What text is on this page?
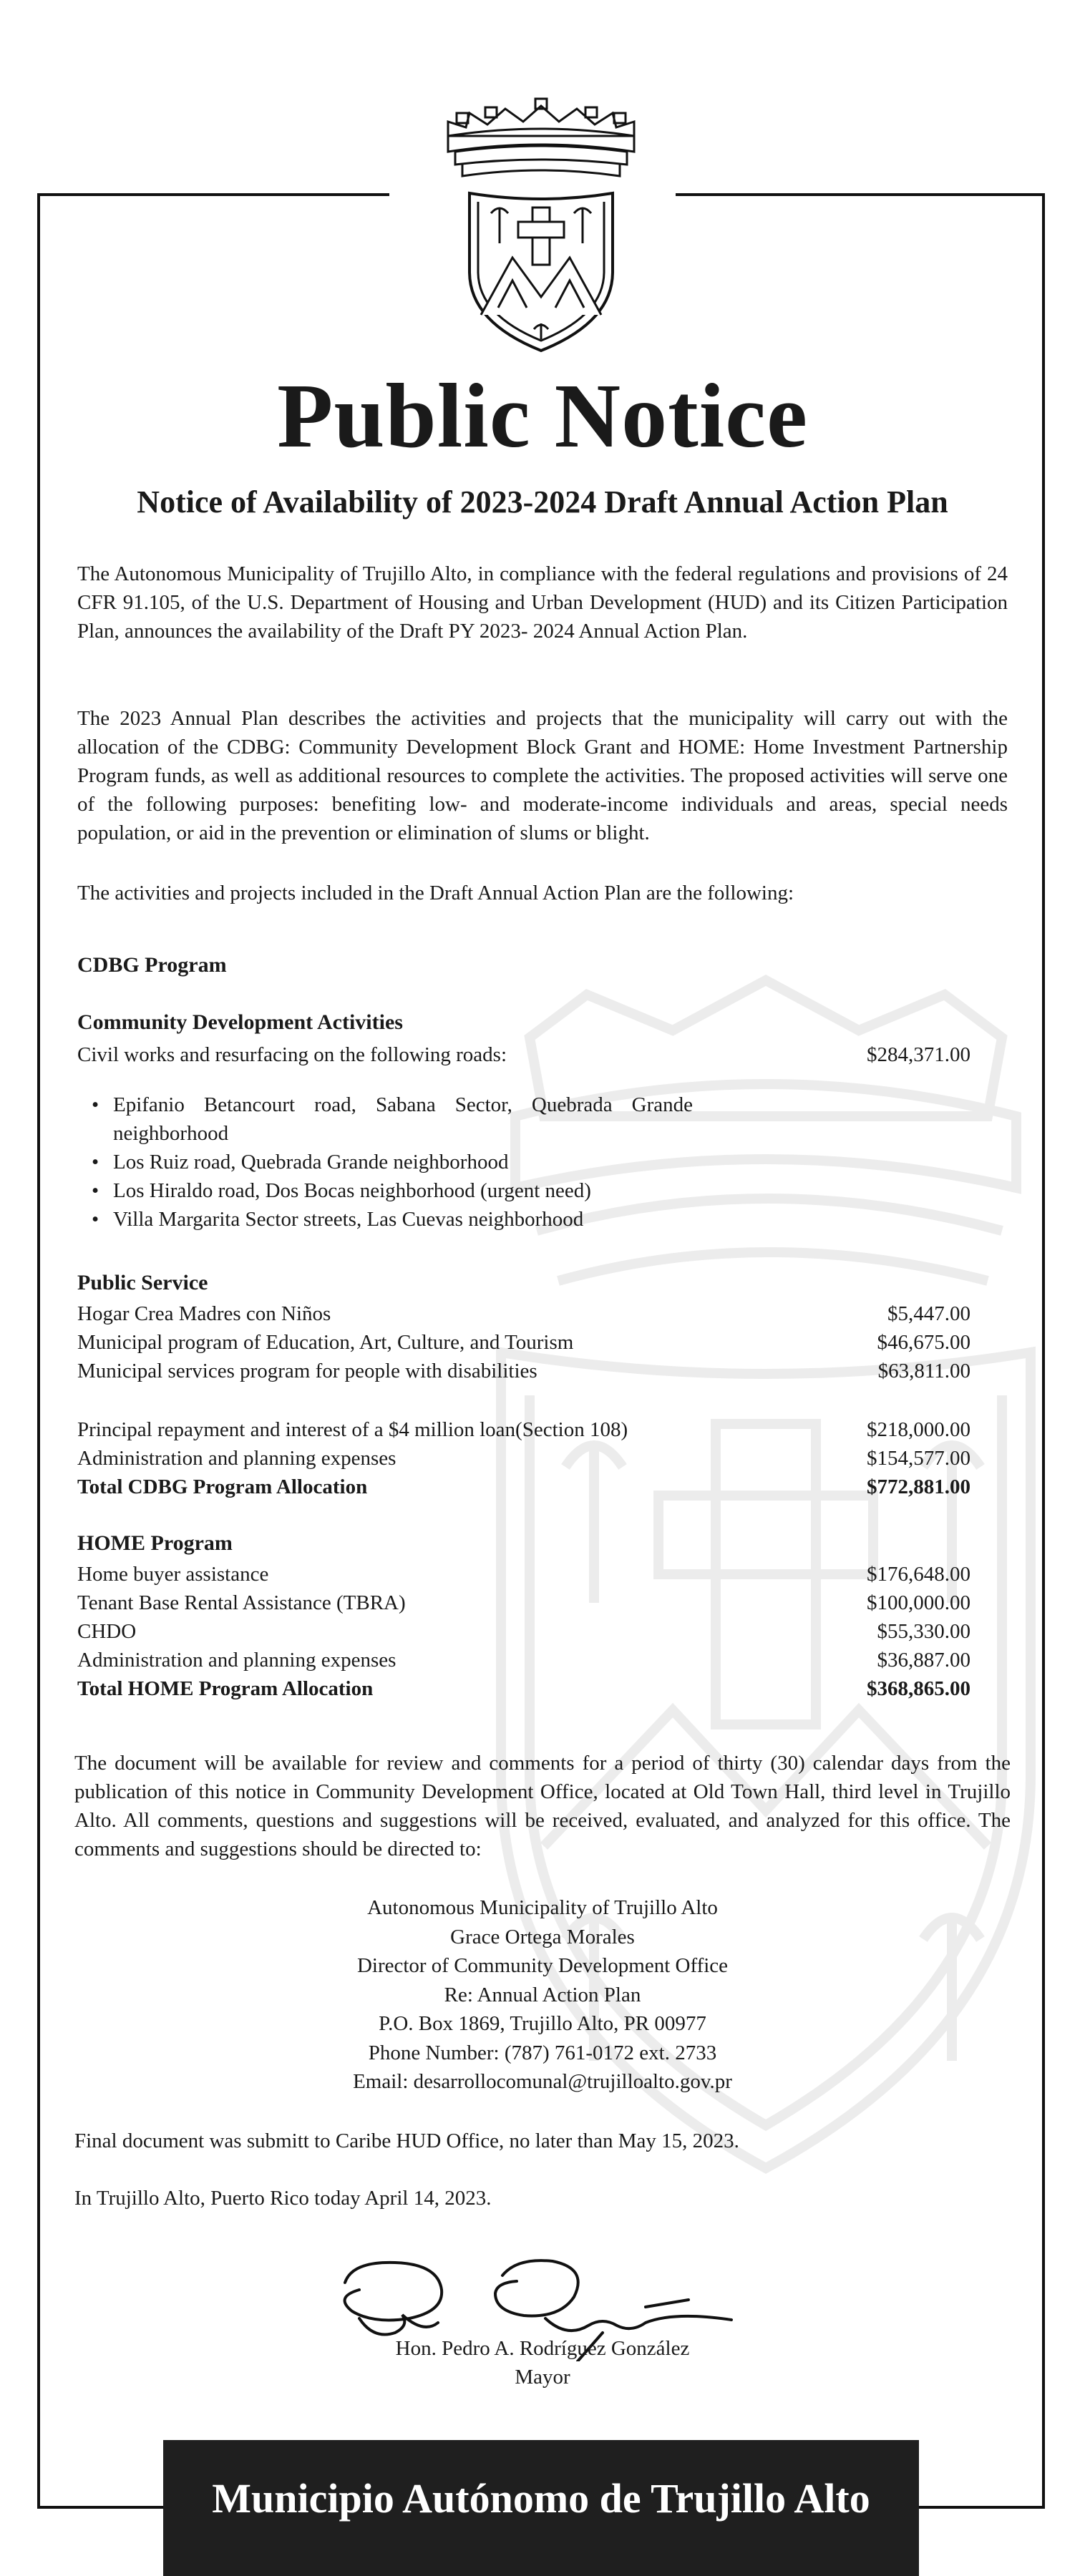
Public Notice
Notice of Availability of 2023-2024 Draft Annual Action Plan

The Autonomous Municipality of Trujillo Alto, in compliance with the federal regulations and provisions of 24 CFR 91.105, of the U.S. Department of Housing and Urban Development (HUD) and its Citizen Participation Plan, announces the availability of the Draft PY 2023- 2024 Annual Action Plan.

The 2023 Annual Plan describes the activities and projects that the municipality will carry out with the allocation of the CDBG: Community Development Block Grant and HOME: Home Investment Partnership Program funds, as well as additional resources to complete the activities. The proposed activities will serve one of the following purposes: benefiting low- and moderate-income individuals and areas, special needs population, or aid in the prevention or elimination of slums or blight.

The activities and projects included in the Draft Annual Action Plan are the following:

CDBG Program
Community Development Activities
Civil works and resurfacing on the following roads:	$284,371.00
• Epifanio Betancourt road, Sabana Sector, Quebrada Grande neighborhood
• Los Ruiz road, Quebrada Grande neighborhood
• Los Hiraldo road, Dos Bocas neighborhood (urgent need)
• Villa Margarita Sector streets, Las Cuevas neighborhood
Public Service
Hogar Crea Madres con Niños	$5,447.00
Municipal program of Education, Art, Culture, and Tourism	$46,675.00
Municipal services program for people with disabilities	$63,811.00
Principal repayment and interest of a $4 million loan(Section 108)	$218,000.00
Administration and planning expenses	$154,577.00
Total CDBG Program Allocation	$772,881.00
HOME Program
Home buyer assistance	$176,648.00
Tenant Base Rental Assistance (TBRA)	$100,000.00
CHDO	$55,330.00
Administration and planning expenses	$36,887.00
Total HOME Program Allocation	$368,865.00

The document will be available for review and comments for a period of thirty (30) calendar days from the publication of this notice in Community Development Office, located at Old Town Hall, third level in Trujillo Alto. All comments, questions and suggestions will be received, evaluated, and analyzed for this office. The comments and suggestions should be directed to:

Autonomous Municipality of Trujillo Alto
Grace Ortega Morales
Director of Community Development Office
Re: Annual Action Plan
P.O. Box 1869, Trujillo Alto, PR 00977
Phone Number: (787) 761-0172 ext. 2733
Email: desarrollocomunal@trujilloalto.gov.pr

Final document was submitt to Caribe HUD Office, no later than May 15, 2023.

In Trujillo Alto, Puerto Rico today April 14, 2023.

Hon. Pedro A. Rodríguez González
Mayor
Municipio Autónomo de Trujillo Alto
